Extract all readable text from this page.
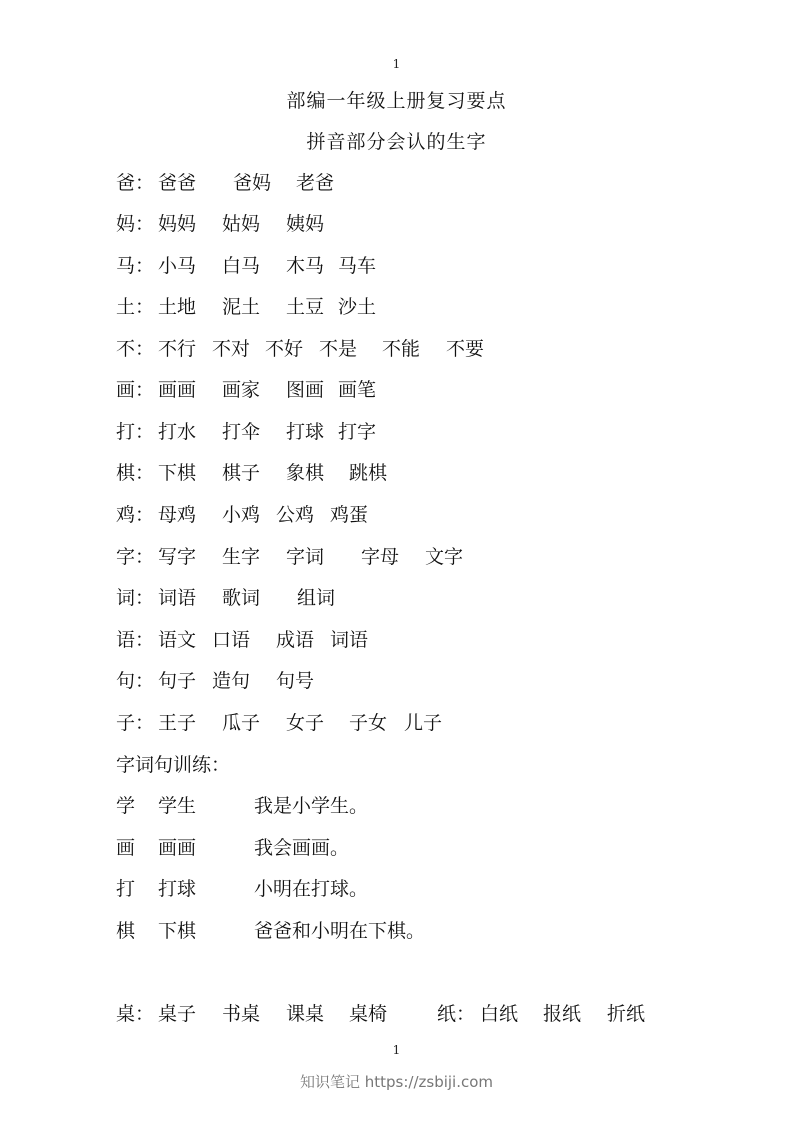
1
部编一年级上册复习要点
拼音部分会认的生字
爸： 爸爸 爸妈 老爸
妈： 妈妈 姑妈 姨妈
马： 小马 白马 木马 马车
土： 土地 泥土 土豆 沙土
不： 不行 不对 不好 不是 不能 不要
画： 画画 画家 图画 画笔
打： 打水 打伞 打球 打字
棋： 下棋 棋子 象棋 跳棋
鸡： 母鸡 小鸡 公鸡 鸡蛋
字： 写字 生字 字词 字母 文字
词： 词语 歌词 组词
语： 语文 口语 成语 词语
句： 句子 造句 句号
子： 王子 瓜子 女子 子女 儿子
字词句训练：
学 学生	我是小学生。
画 画画	我会画画。
打 打球	小明在打球。
棋 下棋	爸爸和小明在下棋。
桌： 桌子 书桌 课桌 桌椅	纸： 白纸 报纸 折纸
1
知识笔记 https://zsbiji.com
